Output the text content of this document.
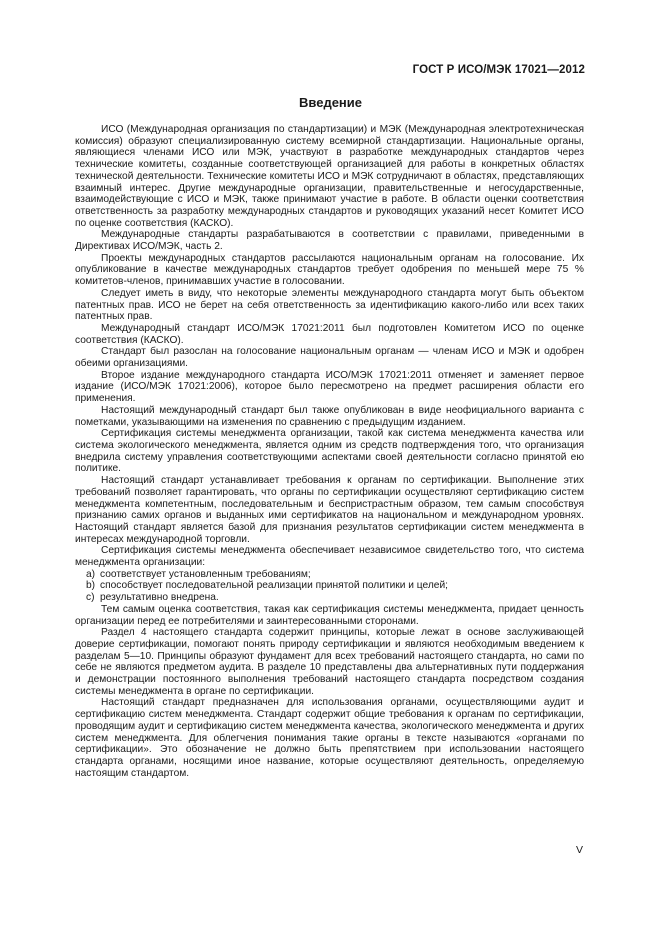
ГОСТ Р ИСО/МЭК 17021—2012
Введение

ИСО (Международная организация по стандартизации) и МЭК (Международная электротехническая комиссия) образуют специализированную систему всемирной стандартизации. Национальные органы, являющиеся членами ИСО или МЭК, участвуют в разработке международных стандартов через технические комитеты, созданные соответствующей организацией для работы в конкретных областях технической деятельности. Технические комитеты ИСО и МЭК сотрудничают в областях, представляющих взаимный интерес. Другие международные организации, правительственные и негосударственные, взаимодействующие с ИСО и МЭК, также принимают участие в работе. В области оценки соответствия ответственность за разработку международных стандартов и руководящих указаний несет Комитет ИСО по оценке соответствия (КАСКО).

Международные стандарты разрабатываются в соответствии с правилами, приведенными в Директивах ИСО/МЭК, часть 2.

Проекты международных стандартов рассылаются национальным органам на голосование. Их опубликование в качестве международных стандартов требует одобрения по меньшей мере 75 % комитетов-членов, принимавших участие в голосовании.

Следует иметь в виду, что некоторые элементы международного стандарта могут быть объектом патентных прав. ИСО не берет на себя ответственность за идентификацию какого-либо или всех таких патентных прав.

Международный стандарт ИСО/МЭК 17021:2011 был подготовлен Комитетом ИСО по оценке соответствия (КАСКО).

Стандарт был разослан на голосование национальным органам — членам ИСО и МЭК и одобрен обеими организациями.

Второе издание международного стандарта ИСО/МЭК 17021:2011 отменяет и заменяет первое издание (ИСО/МЭК 17021:2006), которое было пересмотрено на предмет расширения области его применения.

Настоящий международный стандарт был также опубликован в виде неофициального варианта с пометками, указывающими на изменения по сравнению с предыдущим изданием.

Сертификация системы менеджмента организации, такой как система менеджмента качества или система экологического менеджмента, является одним из средств подтверждения того, что организация внедрила систему управления соответствующими аспектами своей деятельности согласно принятой ею политике.

Настоящий стандарт устанавливает требования к органам по сертификации. Выполнение этих требований позволяет гарантировать, что органы по сертификации осуществляют сертификацию систем менеджмента компетентным, последовательным и беспристрастным образом, тем самым способствуя признанию самих органов и выданных ими сертификатов на национальном и международном уровнях. Настоящий стандарт является базой для признания результатов сертификации систем менеджмента в интересах международной торговли.

Сертификация системы менеджмента обеспечивает независимое свидетельство того, что система менеджмента организации:

a) соответствует установленным требованиям;
b) способствует последовательной реализации принятой политики и целей;
c) результативно внедрена.

Тем самым оценка соответствия, такая как сертификация системы менеджмента, придает ценность организации перед ее потребителями и заинтересованными сторонами.

Раздел 4 настоящего стандарта содержит принципы, которые лежат в основе заслуживающей доверие сертификации, помогают понять природу сертификации и являются необходимым введением к разделам 5—10. Принципы образуют фундамент для всех требований настоящего стандарта, но сами по себе не являются предметом аудита. В разделе 10 представлены два альтернативных пути поддержания и демонстрации постоянного выполнения требований настоящего стандарта посредством создания системы менеджмента в органе по сертификации.

Настоящий стандарт предназначен для использования органами, осуществляющими аудит и сертификацию систем менеджмента. Стандарт содержит общие требования к органам по сертификации, проводящим аудит и сертификацию систем менеджмента качества, экологического менеджмента и других систем менеджмента. Для облегчения понимания такие органы в тексте называются «органами по сертификации». Это обозначение не должно быть препятствием при использовании настоящего стандарта органами, носящими иное название, которые осуществляют деятельность, определяемую настоящим стандартом.

V
